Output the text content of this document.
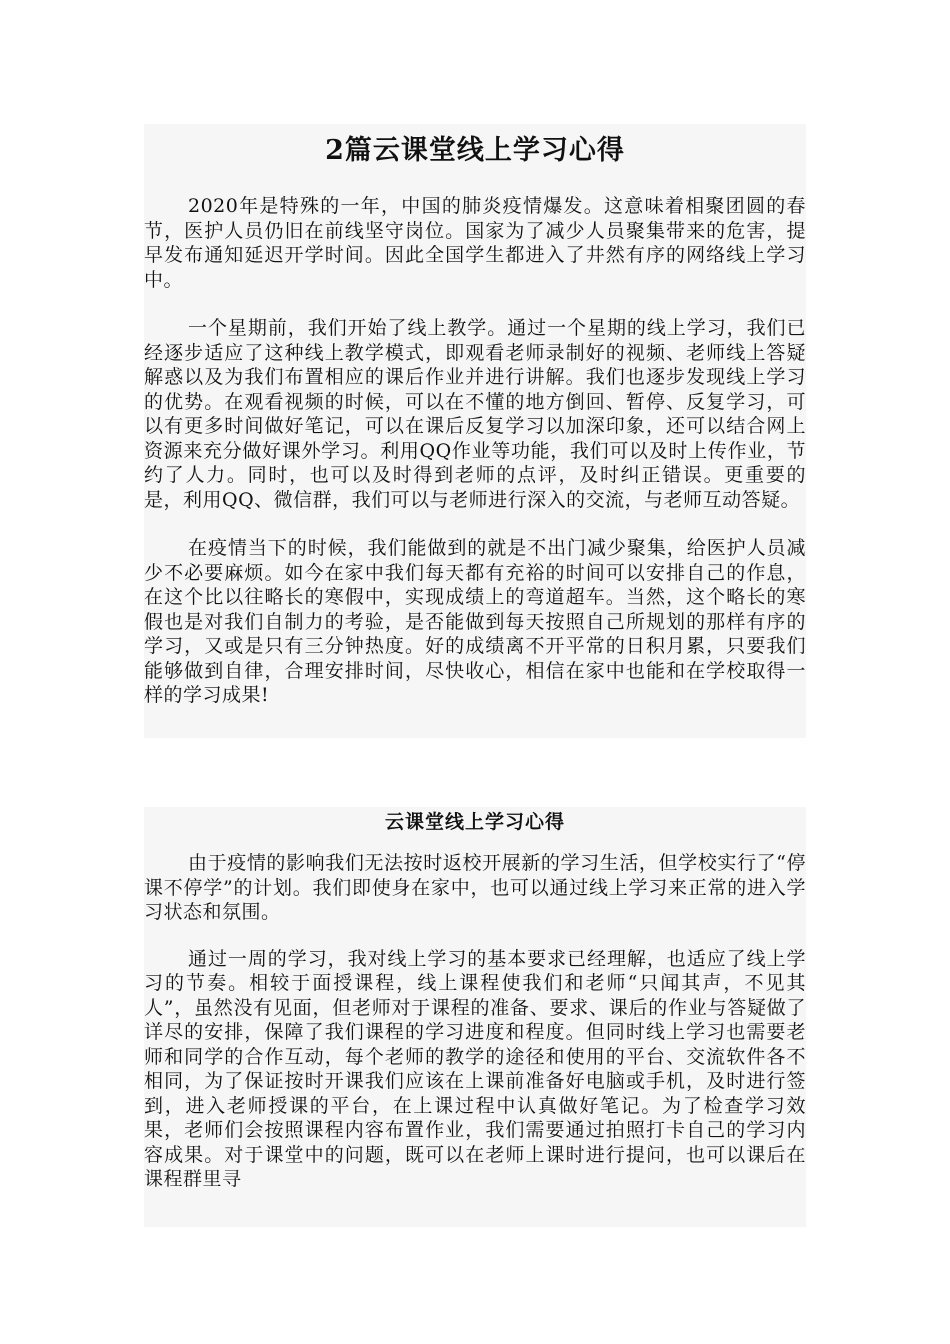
2篇云课堂线上学习心得

2020年是特殊的一年，中国的肺炎疫情爆发。这意味着相聚团圆的春节，医护人员仍旧在前线坚守岗位。国家为了减少人员聚集带来的危害，提早发布通知延迟开学时间。因此全国学生都进入了井然有序的网络线上学习中。

一个星期前，我们开始了线上教学。通过一个星期的线上学习，我们已经逐步适应了这种线上教学模式，即观看老师录制好的视频、老师线上答疑解惑以及为我们布置相应的课后作业并进行讲解。我们也逐步发现线上学习的优势。在观看视频的时候，可以在不懂的地方倒回、暂停、反复学习，可以有更多时间做好笔记，可以在课后反复学习以加深印象，还可以结合网上资源来充分做好课外学习。利用QQ作业等功能，我们可以及时上传作业，节约了人力。同时，也可以及时得到老师的点评，及时纠正错误。更重要的是，利用QQ、微信群，我们可以与老师进行深入的交流，与老师互动答疑。

在疫情当下的时候，我们能做到的就是不出门减少聚集，给医护人员减少不必要麻烦。如今在家中我们每天都有充裕的时间可以安排自己的作息，在这个比以往略长的寒假中，实现成绩上的弯道超车。当然，这个略长的寒假也是对我们自制力的考验，是否能做到每天按照自己所规划的那样有序的学习，又或是只有三分钟热度。好的成绩离不开平常的日积月累，只要我们能够做到自律，合理安排时间，尽快收心，相信在家中也能和在学校取得一样的学习成果!

云课堂线上学习心得

由于疫情的影响我们无法按时返校开展新的学习生活，但学校实行了“停课不停学”的计划。我们即使身在家中，也可以通过线上学习来正常的进入学习状态和氛围。

通过一周的学习，我对线上学习的基本要求已经理解，也适应了线上学习的节奏。相较于面授课程，线上课程使我们和老师“只闻其声，不见其人”，虽然没有见面，但老师对于课程的准备、要求、课后的作业与答疑做了详尽的安排，保障了我们课程的学习进度和程度。但同时线上学习也需要老师和同学的合作互动，每个老师的教学的途径和使用的平台、交流软件各不相同，为了保证按时开课我们应该在上课前准备好电脑或手机，及时进行签到，进入老师授课的平台，在上课过程中认真做好笔记。为了检查学习效果，老师们会按照课程内容布置作业，我们需要通过拍照打卡自己的学习内容成果。对于课堂中的问题，既可以在老师上课时进行提问，也可以课后在课程群里寻
